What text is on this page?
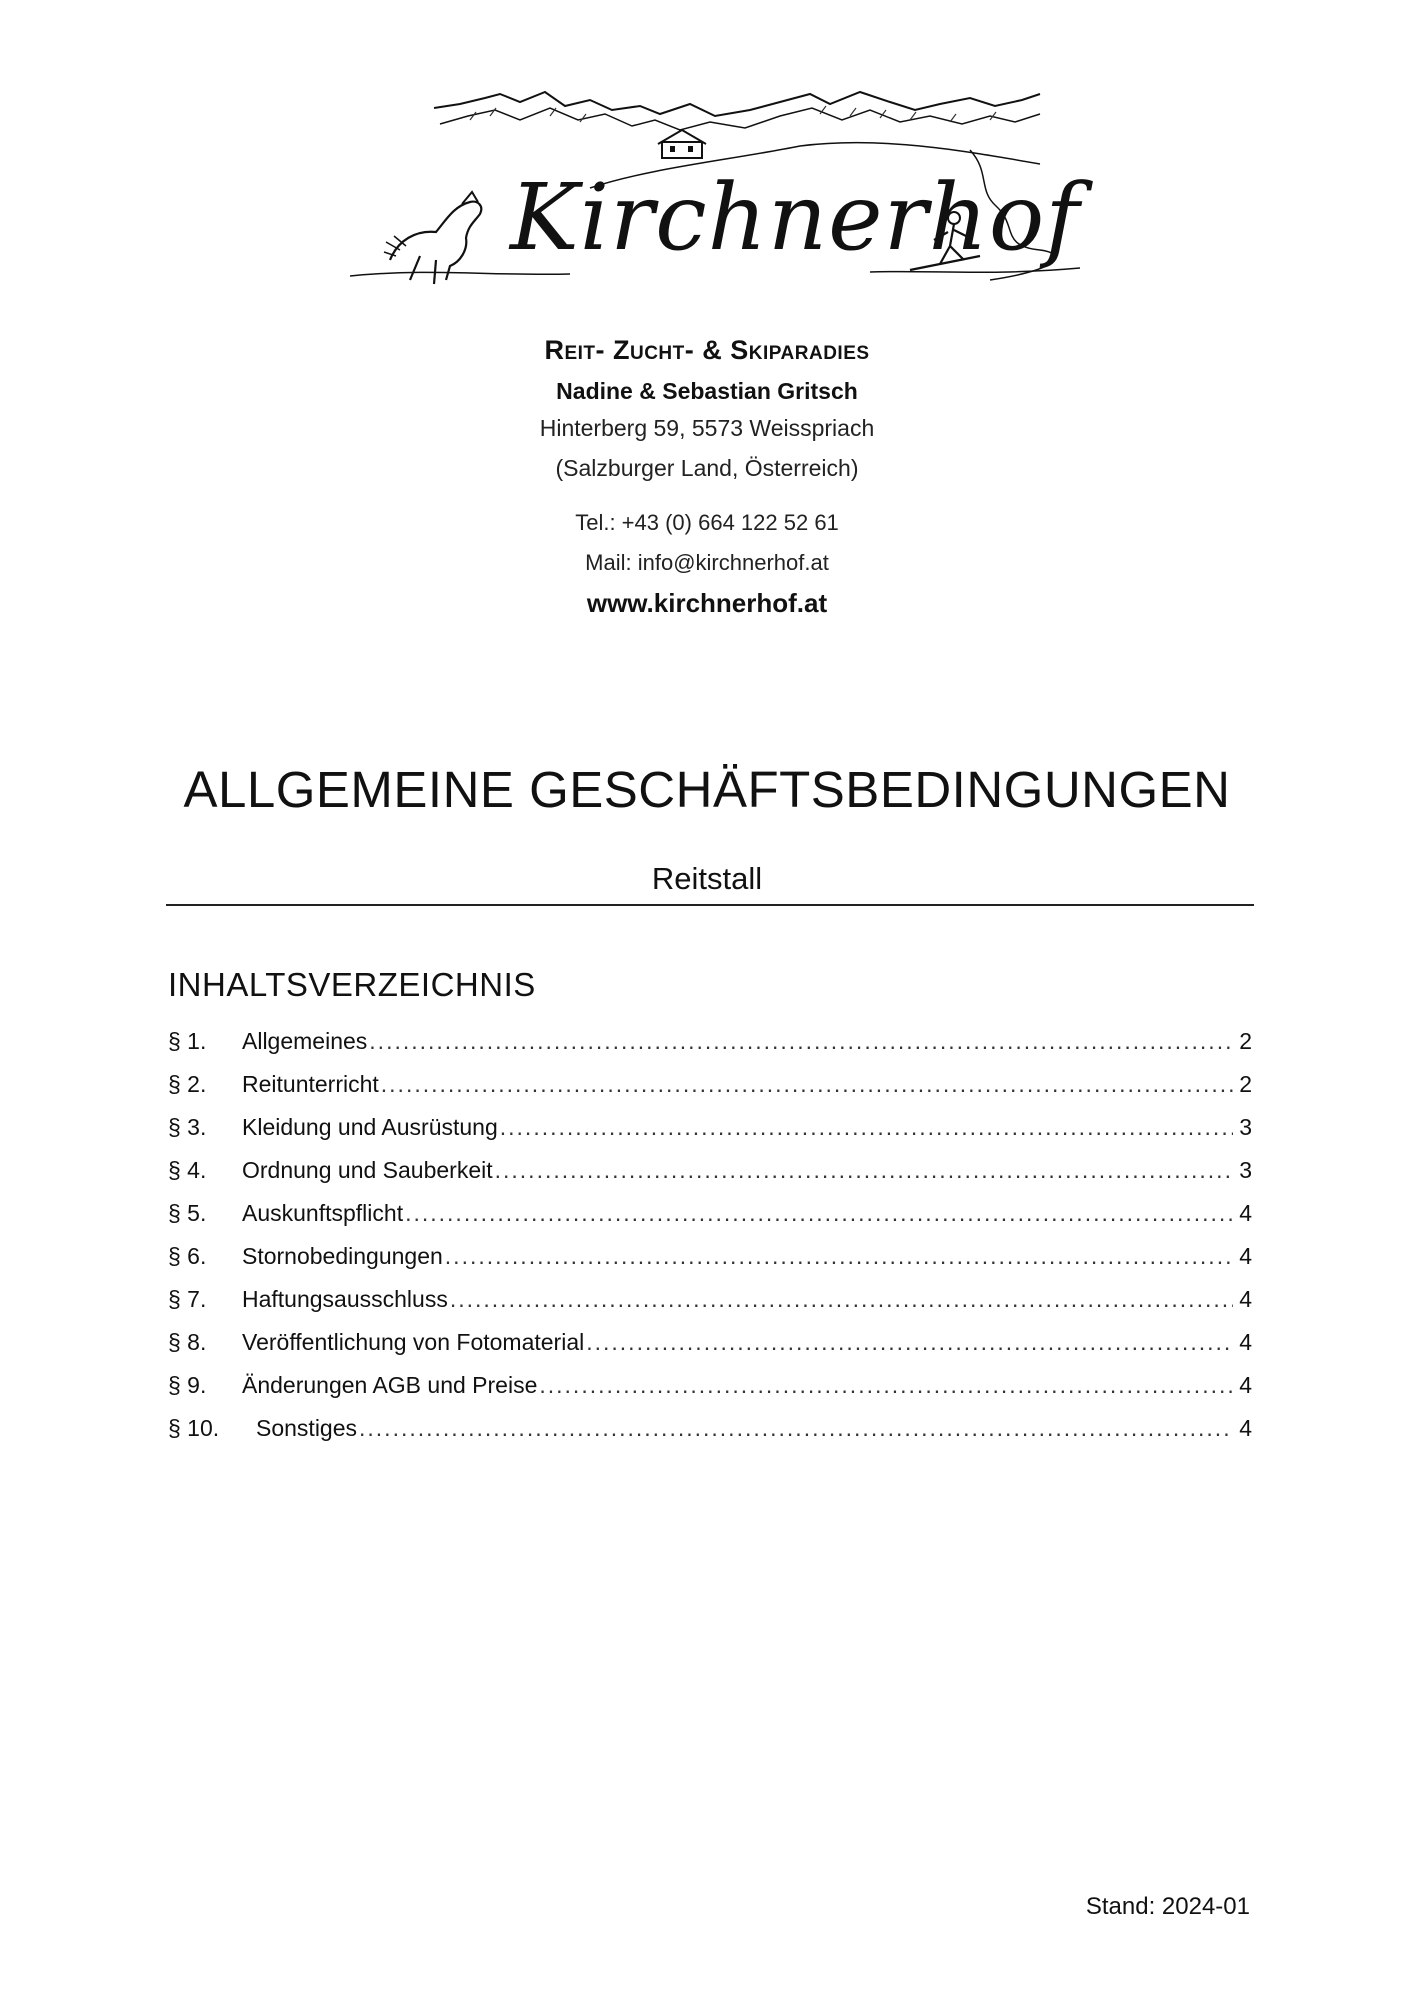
Kirchnerhof
Reit- Zucht- & Skiparadies
Nadine & Sebastian Gritsch
Hinterberg 59, 5573 Weisspriach
(Salzburger Land, Österreich)
Tel.: +43 (0) 664 122 52 61
Mail: info@kirchnerhof.at
www.kirchnerhof.at
ALLGEMEINE GESCHÄFTSBEDINGUNGEN
Reitstall
INHALTSVERZEICHNIS
§ 1.	Allgemeines .....	2
§ 2.	Reitunterricht .....	2
§ 3.	Kleidung und Ausrüstung .....	3
§ 4.	Ordnung und Sauberkeit .....	3
§ 5.	Auskunftspflicht .....	4
§ 6.	Stornobedingungen .....	4
§ 7.	Haftungsausschluss .....	4
§ 8.	Veröffentlichung von Fotomaterial .....	4
§ 9.	Änderungen AGB und Preise .....	4
§ 10.	Sonstiges .....	4
Stand: 2024-01
